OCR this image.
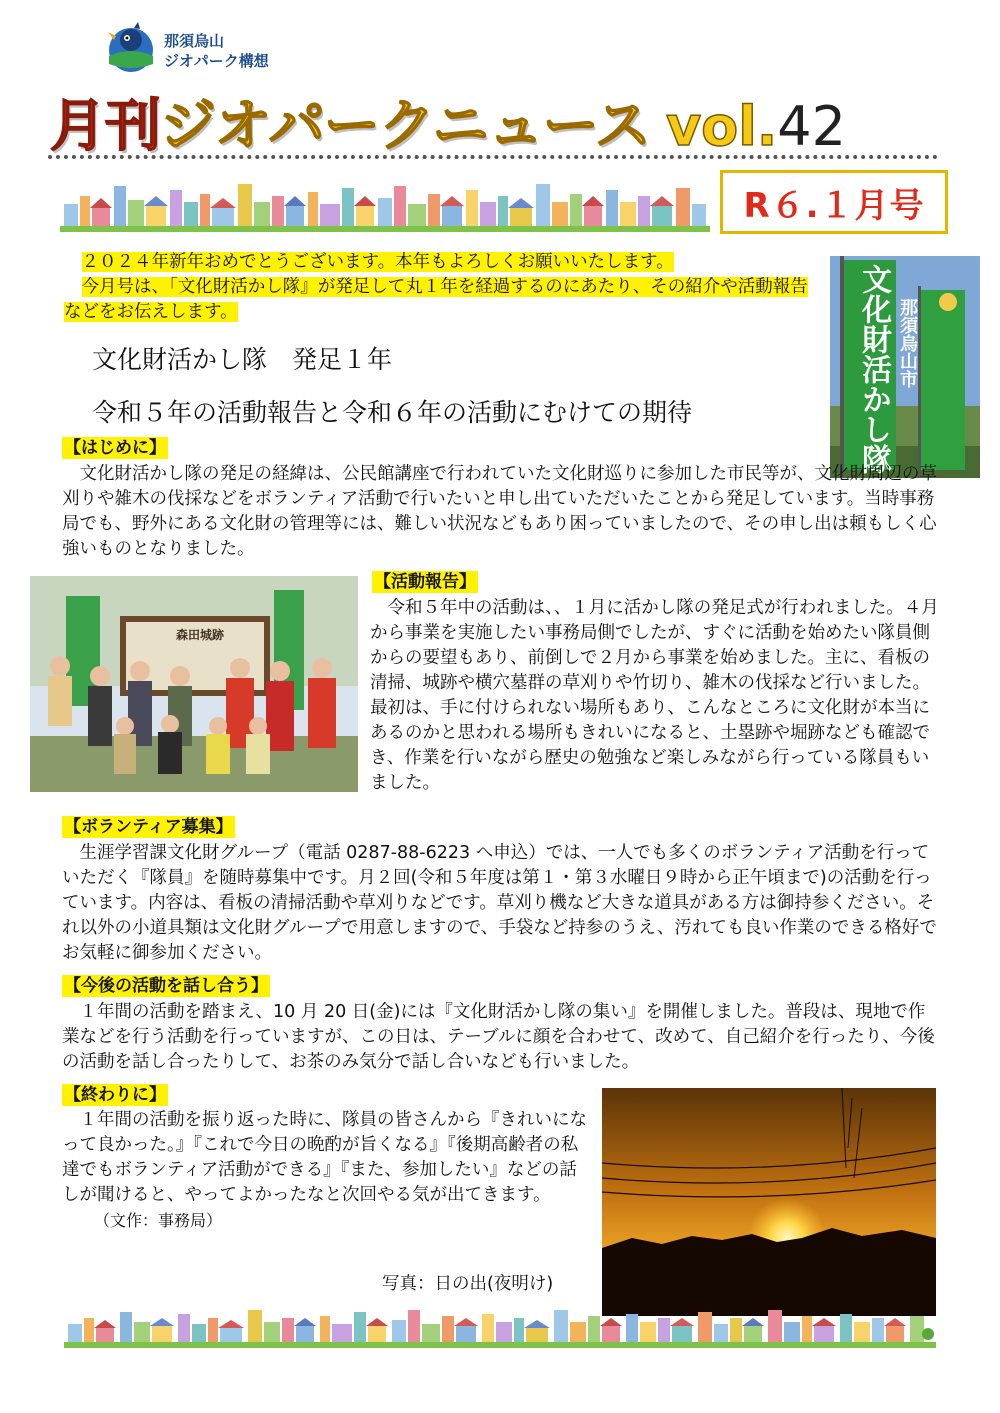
那須烏山
ジオパーク構想
月刊ジオパークニュース vol.42
R６.１月号

２０２４年新年おめでとうございます。本年もよろしくお願いいたします。

今月号は、「文化財活かし隊』が発足して丸１年を経過するのにあたり、その紹介や活動報告などをお伝えします。	文化財活かし隊 那須烏山市
文化財活かし隊　発足１年
令和５年の活動報告と令和６年の活動にむけての期待
【はじめに】

文化財活かし隊の発足の経緯は、公民館講座で行われていた文化財巡りに参加した市民等が、文化財周辺の草刈りや雑木の伐採などをボランティア活動で行いたいと申し出ていただいたことから発足しています。当時事務局でも、野外にある文化財の管理等には、難しい状況などもあり困っていましたので、その申し出は頼もしく心強いものとなりました。

森田城跡
【活動報告】

令和５年中の活動は、、１月に活かし隊の発足式が行われました。４月から事業を実施したい事務局側でしたが、すぐに活動を始めたい隊員側からの要望もあり、前倒しで２月から事業を始めました。主に、看板の清掃、城跡や横穴墓群の草刈りや竹切り、雑木の伐採など行いました。最初は、手に付けられない場所もあり、こんなところに文化財が本当にあるのかと思われる場所もきれいになると、土塁跡や堀跡なども確認でき、作業を行いながら歴史の勉強など楽しみながら行っている隊員もいました。

【ボランティア募集】

生涯学習課文化財グループ（電話 0287-88-6223 へ申込）では、一人でも多くのボランティア活動を行っていただく『隊員』を随時募集中です。月２回(令和５年度は第１・第３水曜日９時から正午頃まで)の活動を行っています。内容は、看板の清掃活動や草刈りなどです。草刈り機など大きな道具がある方は御持参ください。それ以外の小道具類は文化財グループで用意しますので、手袋など持参のうえ、汚れても良い作業のできる格好でお気軽に御参加ください。

【今後の活動を話し合う】

１年間の活動を踏まえ、10 月 20 日(金)には『文化財活かし隊の集い』を開催しました。普段は、現地で作業などを行う活動を行っていますが、この日は、テーブルに顔を合わせて、改めて、自己紹介を行ったり、今後の活動を話し合ったりして、お茶のみ気分で話し合いなども行いました。

【終わりに】

１年間の活動を振り返った時に、隊員の皆さんから『きれいになって良かった。』『これで今日の晩酌が旨くなる』『後期高齢者の私達でもボランティア活動ができる』『また、参加したい』などの話しが聞けると、やってよかったなと次回やる気が出てきます。（文作：事務局）

写真：日の出(夜明け)
